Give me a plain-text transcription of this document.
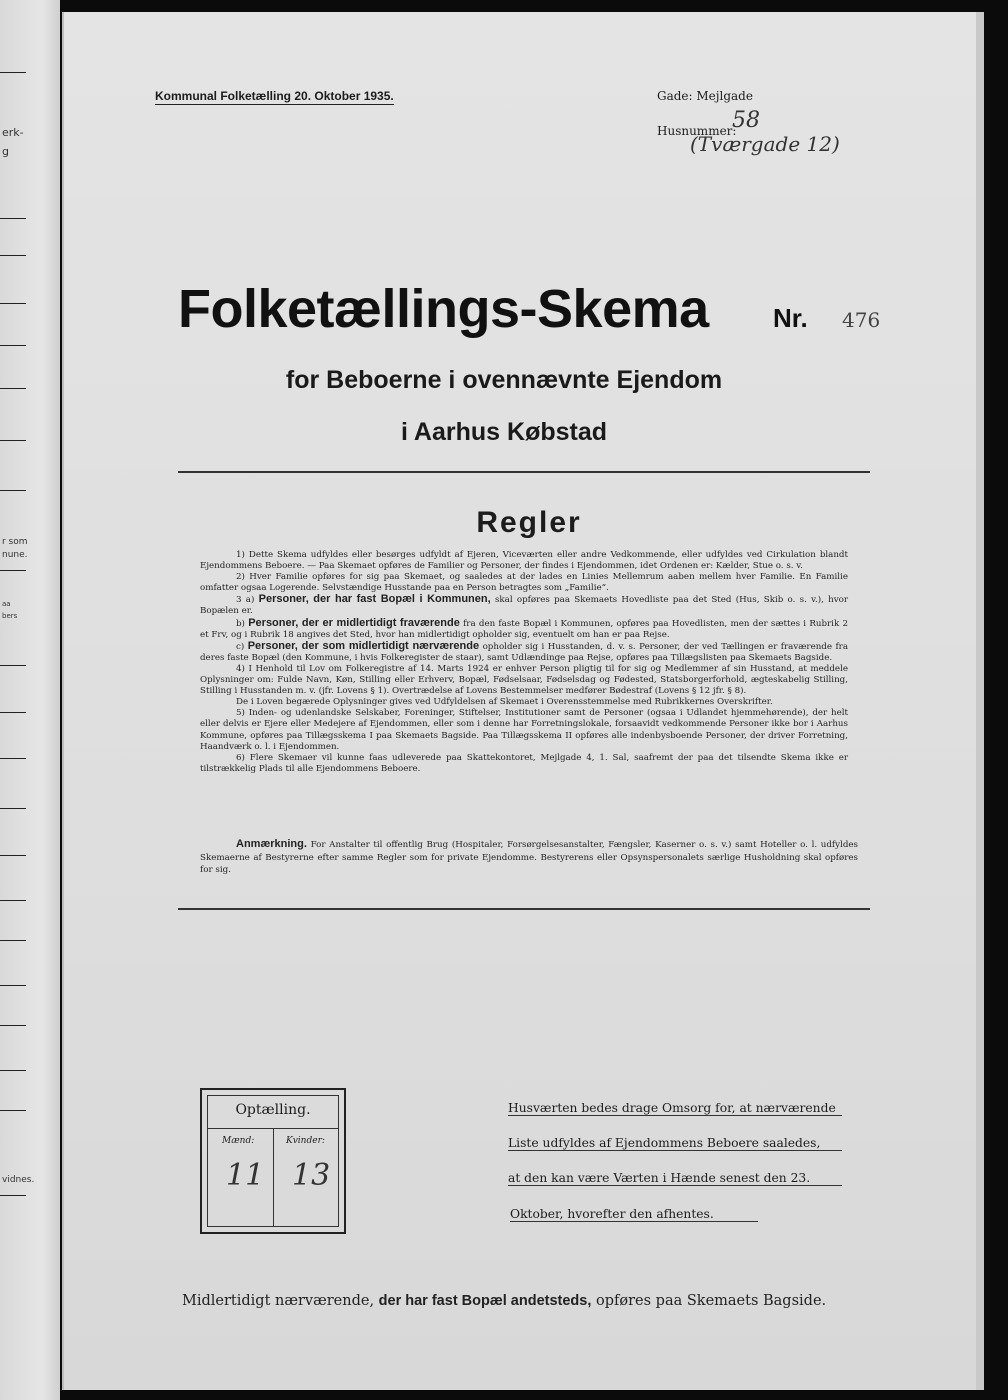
erk-
g
r som
nune.
aa
bers
vidnes.
Kommunal Folketælling 20. Oktober 1935.	Gade: Mejlgade
Husnummer:
58
(Tværgade 12)
Folketællings-Skema Nr. 476
for Beboerne i ovennævnte Ejendom
i Aarhus Købstad
Regler

1) Dette Skema udfyldes eller besørges udfyldt af Ejeren, Viceværten eller andre Vedkommende, eller udfyldes ved Cirkulation blandt Ejendommens Beboere. — Paa Skemaet opføres de Familier og Personer, der findes i Ejendommen, idet Ordenen er: Kælder, Stue o. s. v.

2) Hver Familie opføres for sig paa Skemaet, og saaledes at der lades en Linies Mellemrum aaben mellem hver Familie. En Familie omfatter ogsaa Logerende. Selvstændige Husstande paa en Person betragtes som „Familie“.

3 a) Personer, der har fast Bopæl i Kommunen, skal opføres paa Skemaets Hovedliste paa det Sted (Hus, Skib o. s. v.), hvor Bopælen er.

b) Personer, der er midlertidigt fraværende fra den faste Bopæl i Kommunen, opføres paa Hovedlisten, men der sættes i Rubrik 2 et Frv, og i Rubrik 18 angives det Sted, hvor han midlertidigt opholder sig, eventuelt om han er paa Rejse.

c) Personer, der som midlertidigt nærværende opholder sig i Husstanden, d. v. s. Personer, der ved Tællingen er fraværende fra deres faste Bopæl (den Kommune, i hvis Folkeregister de staar), samt Udlændinge paa Rejse, opføres paa Tillægslisten paa Skemaets Bagside.

4) I Henhold til Lov om Folkeregistre af 14. Marts 1924 er enhver Person pligtig til for sig og Medlemmer af sin Husstand, at meddele Oplysninger om: Fulde Navn, Køn, Stilling eller Erhverv, Bopæl, Fødselsaar, Fødselsdag og Fødested, Statsborgerforhold, ægteskabelig Stilling, Stilling i Husstanden m. v. (jfr. Lovens § 1). Overtrædelse af Lovens Bestemmelser medfører Bødestraf (Lovens § 12 jfr. § 8).

De i Loven begærede Oplysninger gives ved Udfyldelsen af Skemaet i Overensstemmelse med Rubrikkernes Overskrifter.

5) Inden- og udenlandske Selskaber, Foreninger, Stiftelser, Institutioner samt de Personer (ogsaa i Udlandet hjemmehørende), der helt eller delvis er Ejere eller Medejere af Ejendommen, eller som i denne har Forretningslokale, forsaavidt vedkommende Personer ikke bor i Aarhus Kommune, opføres paa Tillægsskema I paa Skemaets Bagside. Paa Tillægsskema II opføres alle indenbysboende Personer, der driver Forretning, Haandværk o. l. i Ejendommen.

6) Flere Skemaer vil kunne faas udleverede paa Skattekontoret, Mejlgade 4, 1. Sal, saafremt der paa det tilsendte Skema ikke er tilstrækkelig Plads til alle Ejendommens Beboere.

Anmærkning. For Anstalter til offentlig Brug (Hospitaler, Forsørgelsesanstalter, Fængsler, Kaserner o. s. v.) samt Hoteller o. l. udfyldes Skemaerne af Bestyrerne efter samme Regler som for private Ejendomme. Bestyrerens eller Opsynspersonalets særlige Husholdning skal opføres for sig.

Optælling.
Mænd:	Kvinder:
11 13
Husværten bedes drage Omsorg for, at nærværende
Liste udfyldes af Ejendommens Beboere saaledes,
at den kan være Værten i Hænde senest den 23.
Oktober, hvorefter den afhentes.
Midlertidigt nærværende, der har fast Bopæl andetsteds, opføres paa Skemaets Bagside.
